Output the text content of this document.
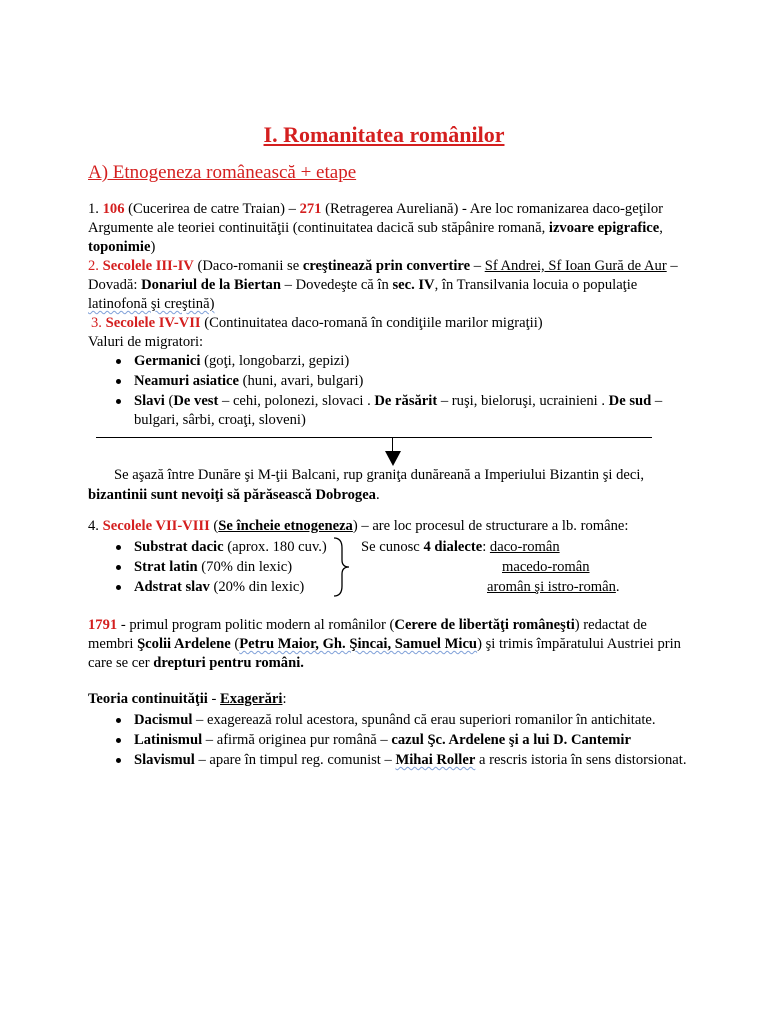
I. Romanitatea românilor
A) Etnogeneza românească + etape
1. 106 (Cucerirea de catre Traian) – 271 (Retragerea Aureliană) - Are loc romanizarea daco-geţilor
Argumente ale teoriei continuităţii (continuitatea dacică sub stăpânire romană, izvoare epigrafice,
toponimie)
2. Secolele III-IV (Daco-romanii se creştinează prin convertire – Sf Andrei, Sf Ioan Gură de Aur –
Dovadă: Donariul de la Biertan – Dovedeşte că în sec. IV, în Transilvania locuia o populaţie
latinofonă şi creştină)
3. Secolele IV-VII (Continuitatea daco-romană în condiţiile marilor migraţii)
Valuri de migratori:
Germanici (goţi, longobarzi, gepizi)
Neamuri asiatice (huni, avari, bulgari)
Slavi (De vest – cehi, polonezi, slovaci . De răsărit – ruşi, bieloruşi, ucrainieni . De sud –
bulgari, sârbi, croaţi, sloveni)
Se aşază între Dunăre şi M-ţii Balcani, rup graniţa dunăreană a Imperiului Bizantin şi deci,
bizantinii sunt nevoiţi să părăsească Dobrogea.
4. Secolele VII-VIII (Se încheie etnogeneza) – are loc procesul de structurare a lb. române:
Substrat dacic (aprox. 180 cuv.)
Strat latin (70% din lexic)
Adstrat slav (20% din lexic)
Se cunosc 4 dialecte: daco-român
macedo-român
aromân şi istro-român.
1791 - primul program politic modern al românilor (Cerere de libertăţi româneşti) redactat de
membri Şcolii Ardelene (Petru Maior, Gh. Şincai, Samuel Micu) şi trimis împăratului Austriei prin
care se cer drepturi pentru români.
Teoria continuităţii - Exagerări:
Dacismul – exagerează rolul acestora, spunând că erau superiori romanilor în antichitate.
Latinismul – afirmă originea pur română – cazul Şc. Ardelene şi a lui D. Cantemir
Slavismul – apare în timpul reg. comunist – Mihai Roller a rescris istoria în sens distorsionat.
